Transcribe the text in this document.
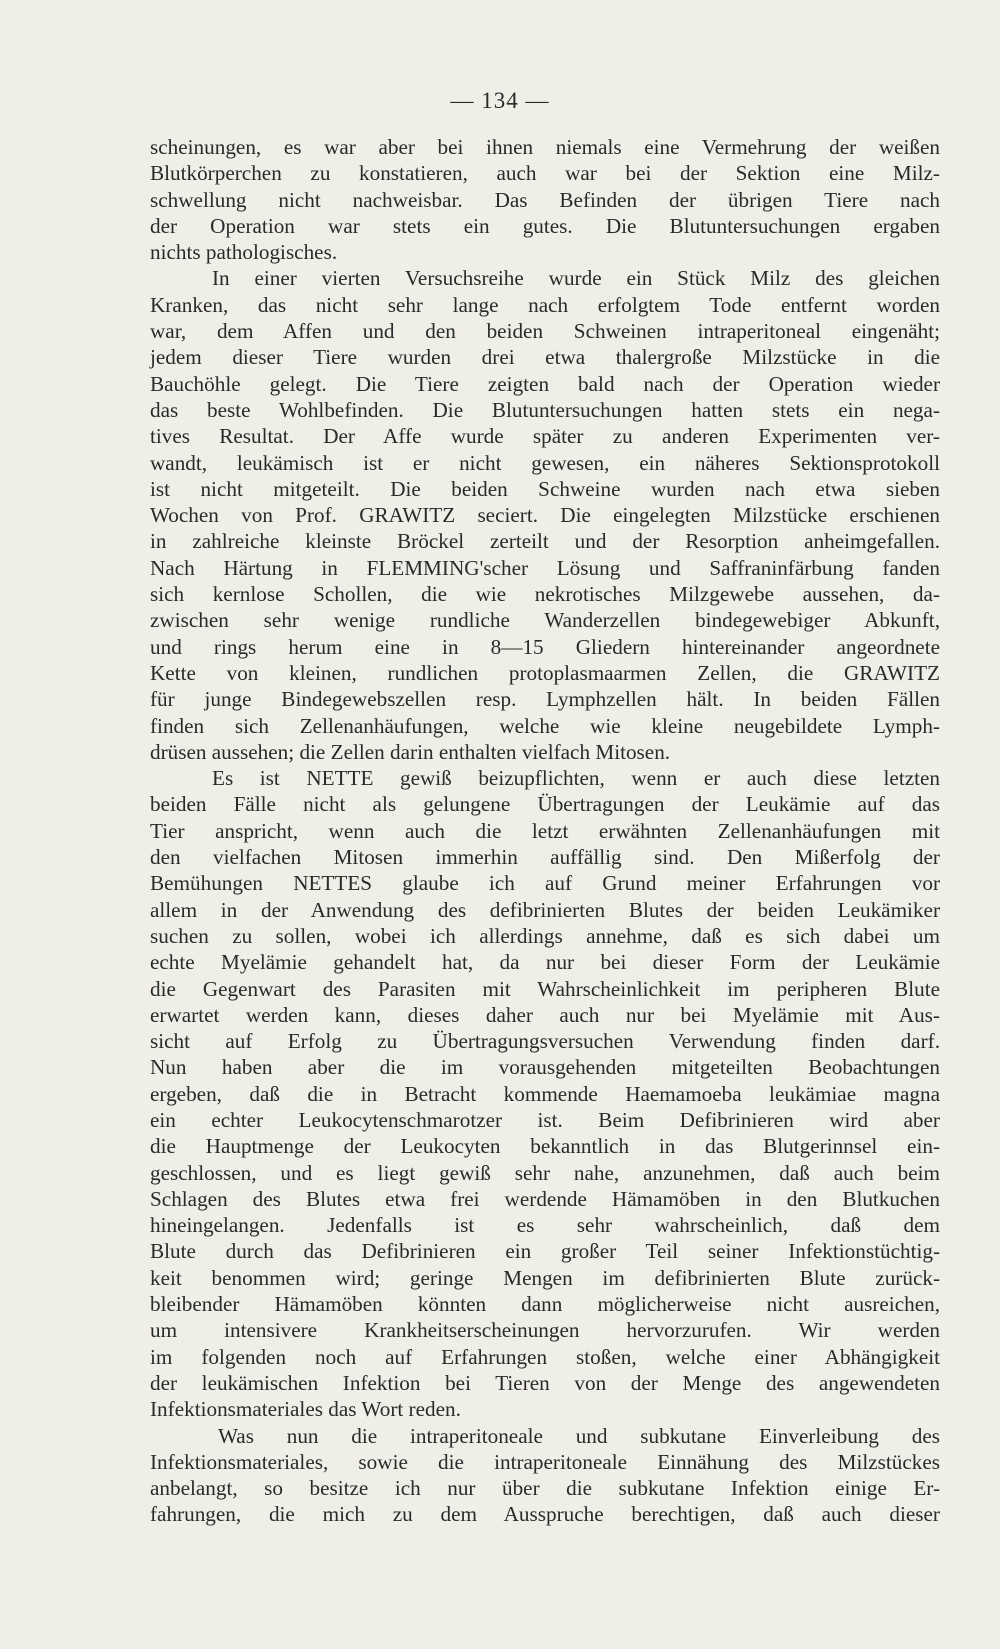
— 134 —
scheinungen, es war aber bei ihnen niemals eine Vermehrung der weißen
Blutkörperchen zu konstatieren, auch war bei der Sektion eine Milz-
schwellung nicht nachweisbar. Das Befinden der übrigen Tiere nach
der Operation war stets ein gutes. Die Blutuntersuchungen ergaben
nichts pathologisches.
In einer vierten Versuchsreihe wurde ein Stück Milz des gleichen
Kranken, das nicht sehr lange nach erfolgtem Tode entfernt worden
war, dem Affen und den beiden Schweinen intraperitoneal eingenäht;
jedem dieser Tiere wurden drei etwa thalergroße Milzstücke in die
Bauchöhle gelegt. Die Tiere zeigten bald nach der Operation wieder
das beste Wohlbefinden. Die Blutuntersuchungen hatten stets ein nega-
tives Resultat. Der Affe wurde später zu anderen Experimenten ver-
wandt, leukämisch ist er nicht gewesen, ein näheres Sektionsprotokoll
ist nicht mitgeteilt. Die beiden Schweine wurden nach etwa sieben
Wochen von Prof. GRAWITZ seciert. Die eingelegten Milzstücke erschienen
in zahlreiche kleinste Bröckel zerteilt und der Resorption anheimgefallen.
Nach Härtung in FLEMMING'scher Lösung und Saffraninfärbung fanden
sich kernlose Schollen, die wie nekrotisches Milzgewebe aussehen, da-
zwischen sehr wenige rundliche Wanderzellen bindegewebiger Abkunft,
und rings herum eine in 8—15 Gliedern hintereinander angeordnete
Kette von kleinen, rundlichen protoplasmaarmen Zellen, die GRAWITZ
für junge Bindegewebszellen resp. Lymphzellen hält. In beiden Fällen
finden sich Zellenanhäufungen, welche wie kleine neugebildete Lymph-
drüsen aussehen; die Zellen darin enthalten vielfach Mitosen.
Es ist NETTE gewiß beizupflichten, wenn er auch diese letzten
beiden Fälle nicht als gelungene Übertragungen der Leukämie auf das
Tier anspricht, wenn auch die letzt erwähnten Zellenanhäufungen mit
den vielfachen Mitosen immerhin auffällig sind. Den Mißerfolg der
Bemühungen NETTES glaube ich auf Grund meiner Erfahrungen vor
allem in der Anwendung des defibrinierten Blutes der beiden Leukämiker
suchen zu sollen, wobei ich allerdings annehme, daß es sich dabei um
echte Myelämie gehandelt hat, da nur bei dieser Form der Leukämie
die Gegenwart des Parasiten mit Wahrscheinlichkeit im peripheren Blute
erwartet werden kann, dieses daher auch nur bei Myelämie mit Aus-
sicht auf Erfolg zu Übertragungsversuchen Verwendung finden darf.
Nun haben aber die im vorausgehenden mitgeteilten Beobachtungen
ergeben, daß die in Betracht kommende Haemamoeba leukämiae magna
ein echter Leukocytenschmarotzer ist. Beim Defibrinieren wird aber
die Hauptmenge der Leukocyten bekanntlich in das Blutgerinnsel ein-
geschlossen, und es liegt gewiß sehr nahe, anzunehmen, daß auch beim
Schlagen des Blutes etwa frei werdende Hämamöben in den Blutkuchen
hineingelangen. Jedenfalls ist es sehr wahrscheinlich, daß dem
Blute durch das Defibrinieren ein großer Teil seiner Infektionstüchtig-
keit benommen wird; geringe Mengen im defibrinierten Blute zurück-
bleibender Hämamöben könnten dann möglicherweise nicht ausreichen,
um intensivere Krankheitserscheinungen hervorzurufen. Wir werden
im folgenden noch auf Erfahrungen stoßen, welche einer Abhängigkeit
der leukämischen Infektion bei Tieren von der Menge des angewendeten
Infektionsmateriales das Wort reden.
Was nun die intraperitoneale und subkutane Einverleibung des
Infektionsmateriales, sowie die intraperitoneale Einnähung des Milzstückes
anbelangt, so besitze ich nur über die subkutane Infektion einige Er-
fahrungen, die mich zu dem Ausspruche berechtigen, daß auch dieser
